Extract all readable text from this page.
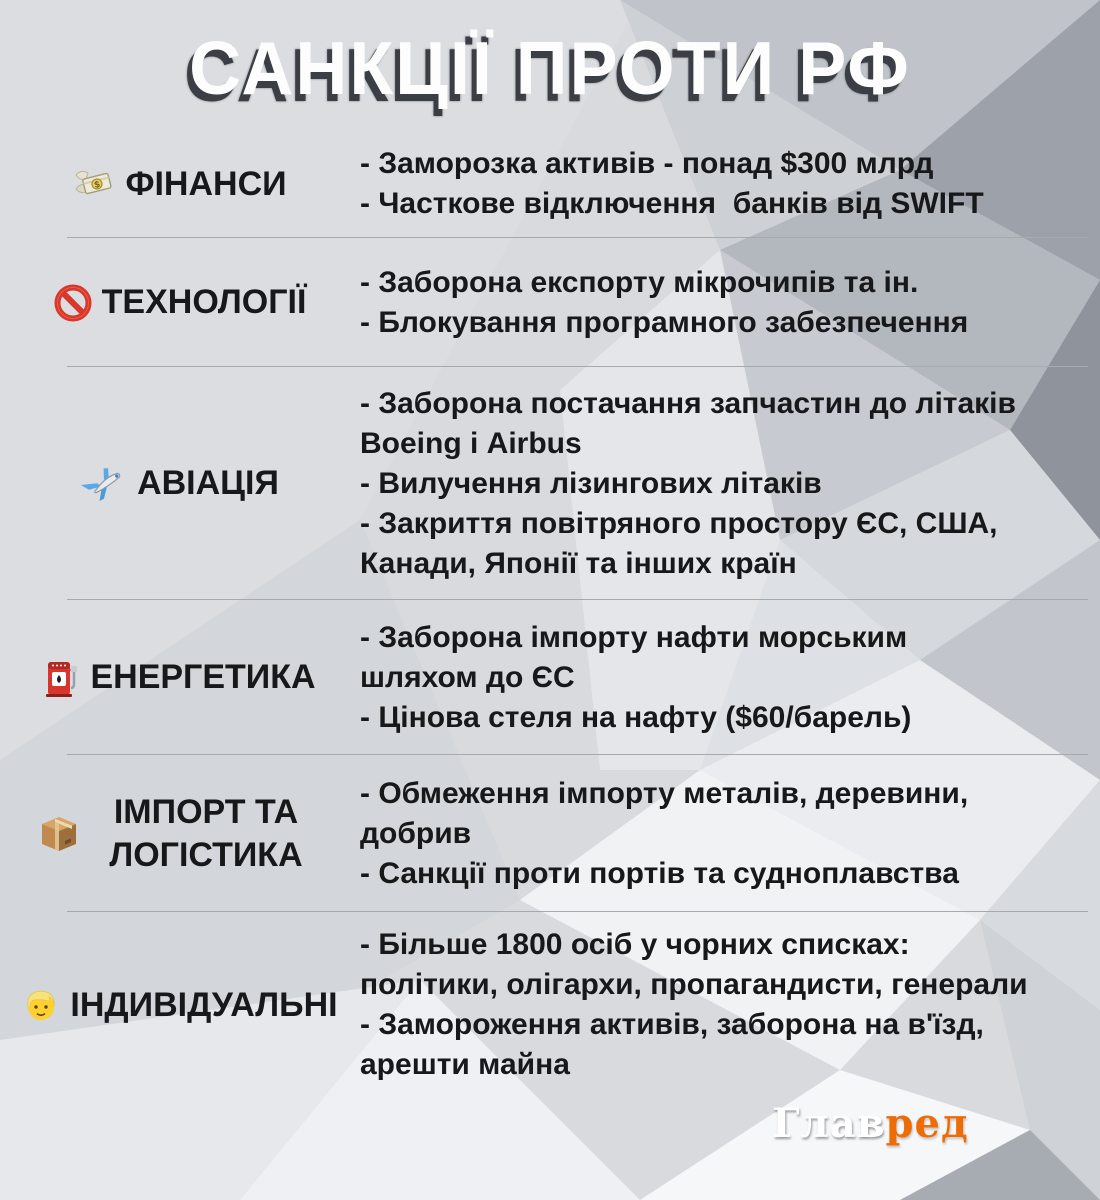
САНКЦІЇ ПРОТИ РФ
$ ФІНАНСИ
- Заморозка активів - понад $300 млрд
- Часткове відключення  банків від SWIFT
ТЕХНОЛОГІЇ
- Заборона експорту мікрочипів та ін.
- Блокування програмного забезпечення
АВІАЦІЯ
- Заборона постачання запчастин до літаків
Boeing і Airbus
- Вилучення лізингових літаків
- Закриття повітряного простору ЄС, США,
Канади, Японії та інших країн
ЕНЕРГЕТИКА
- Заборона імпорту нафти морським
шляхом до ЄС
- Цінова стеля на нафту ($60/барель)
ІМПОРТ ТА ЛОГІСТИКА
- Обмеження імпорту металів, деревини,
добрив
- Санкції проти портів та судноплавства
ІНДИВІДУАЛЬНІ
- Більше 1800 осіб у чорних списках:
політики, олігархи, пропагандисти, генерали
- Замороження активів, заборона на в'їзд,
арешти майна
Главред
